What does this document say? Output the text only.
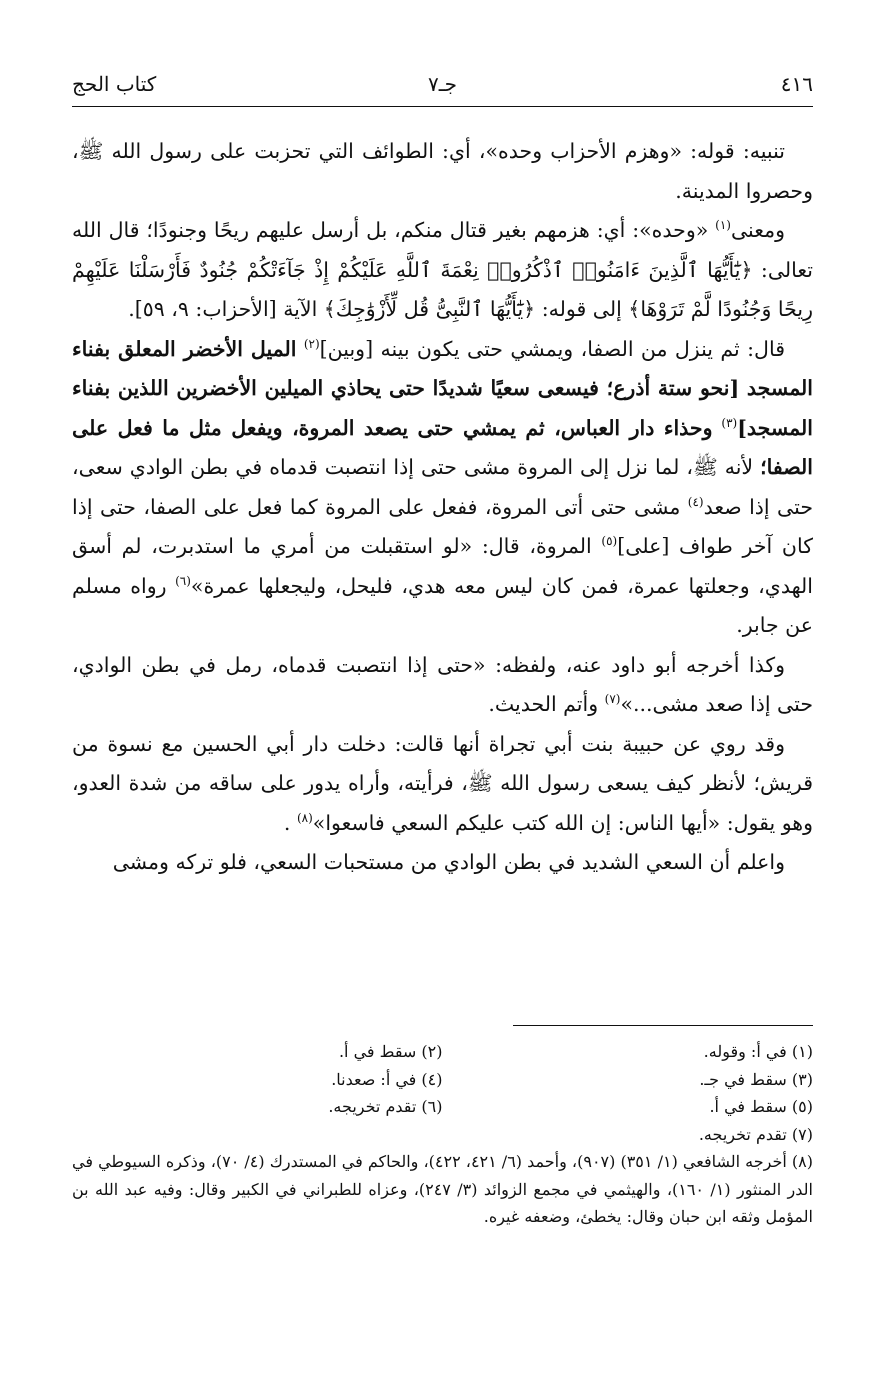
٤١٦
جـ٧
كتاب الحج

تنبيه: قوله: «وهزم الأحزاب وحده»، أي: الطوائف التي تحزبت على رسول الله ﷺ، وحصروا المدينة.

ومعنى$^{(١)}$ «وحده»: أي: هزمهم بغير قتال منكم، بل أرسل عليهم ريحًا وجنودًا؛ قال الله تعالى: ﴿يَٰٓأَيُّهَا ٱلَّذِينَ ءَامَنُوا۟ ٱذْكُرُوا۟ نِعْمَةَ ٱللَّهِ عَلَيْكُمْ إِذْ جَآءَتْكُمْ جُنُودٌ فَأَرْسَلْنَا عَلَيْهِمْ رِيحًا وَجُنُودًا لَّمْ تَرَوْهَا﴾ إلى قوله: ﴿يَٰٓأَيُّهَا ٱلنَّبِىُّ قُل لِّأَزْوَٰجِكَ﴾ الآية [الأحزاب: ٩، ٥٩].

قال: ثم ينزل من الصفا، ويمشي حتى يكون بينه [وبين]$^{(٢)}$ الميل الأخضر المعلق بفناء المسجد [نحو ستة أذرع؛ فيسعى سعيًا شديدًا حتى يحاذي الميلين الأخضرين اللذين بفناء المسجد]$^{(٣)}$ وحذاء دار العباس، ثم يمشي حتى يصعد المروة، ويفعل مثل ما فعل على الصفا؛ لأنه ﷺ، لما نزل إلى المروة مشى حتى إذا انتصبت قدماه في بطن الوادي سعى، حتى إذا صعد$^{(٤)}$ مشى حتى أتى المروة، ففعل على المروة كما فعل على الصفا، حتى إذا كان آخر طواف [على]$^{(٥)}$ المروة، قال: «لو استقبلت من أمري ما استدبرت، لم أسق الهدي، وجعلتها عمرة، فمن كان ليس معه هدي، فليحل، وليجعلها عمرة»$^{(٦)}$ رواه مسلم عن جابر.

وكذا أخرجه أبو داود عنه، ولفظه: «حتى إذا انتصبت قدماه، رمل في بطن الوادي، حتى إذا صعد مشى...»$^{(٧)}$ وأتم الحديث.

وقد روي عن حبيبة بنت أبي تجراة أنها قالت: دخلت دار أبي الحسين مع نسوة من قريش؛ لأنظر كيف يسعى رسول الله ﷺ، فرأيته، وأراه يدور على ساقه من شدة العدو، وهو يقول: «أيها الناس: إن الله كتب عليكم السعي فاسعوا»$^{(٨)}$ .

واعلم أن السعي الشديد في بطن الوادي من مستحبات السعي، فلو تركه ومشى

(١) في أ: وقوله.
(٢) سقط في أ.
(٣) سقط في جـ.
(٤) في أ: صعدنا.
(٥) سقط في أ.
(٦) تقدم تخريجه.
(٧) تقدم تخريجه.
(٨) أخرجه الشافعي (١/ ٣٥١) (٩٠٧)، وأحمد (٦/ ٤٢١، ٤٢٢)، والحاكم في المستدرك (٤/ ٧٠)، وذكره السيوطي في الدر المنثور (١/ ١٦٠)، والهيثمي في مجمع الزوائد (٣/ ٢٤٧)، وعزاه للطبراني في الكبير وقال: وفيه عبد الله بن المؤمل وثقه ابن حبان وقال: يخطئ، وضعفه غيره.
